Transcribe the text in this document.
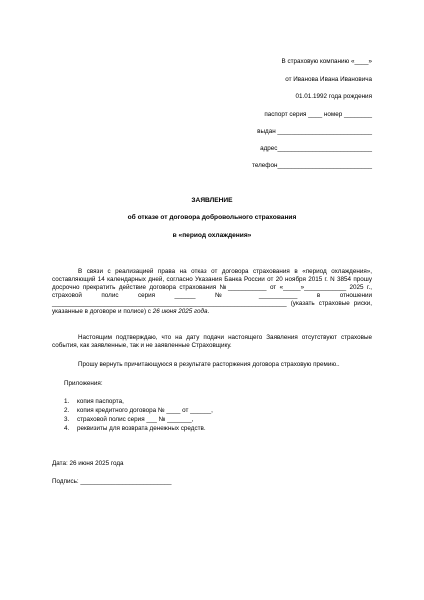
В страховую компанию «____»
от Иванова Ивана Ивановича
01.01.1992 года рождения
паспорт серия ____ номер ________
выдан ___________________________
адрес___________________________
телефон___________________________
ЗАЯВЛЕНИЕ
об отказе от договора добровольного страхования
в «период охлаждения»
В связи с реализацией права на отказ от договора страхования в «период охлаждения», составляющий 14 календарных дней, согласно Указания Банка России от 20 ноября 2015 г. N 3854 прошу досрочно прекратить действие договора страхования №___________ от «_____»____________ 2025 г., страховой полис серия ______ № ___________ в отношении ___________________________________________________________________ (указать страховые риски, указанные в договоре и полисе) с 26 июня 2025 года.
Настоящим подтверждаю, что на дату подачи настоящего Заявления отсутствуют страховые события, как заявленные, так и не заявленные Страховщику.
Прошу вернуть причитающуюся в результате расторжения договора страховую премию..
Приложения:
1. копия паспорта,
2. копия кредитного договора № ____ от ______,
3. страховой полис серия ___ № _______,
4. реквизиты для возврата денежных средств.
Дата: 26 июня 2025 года
Подпись: __________________________
